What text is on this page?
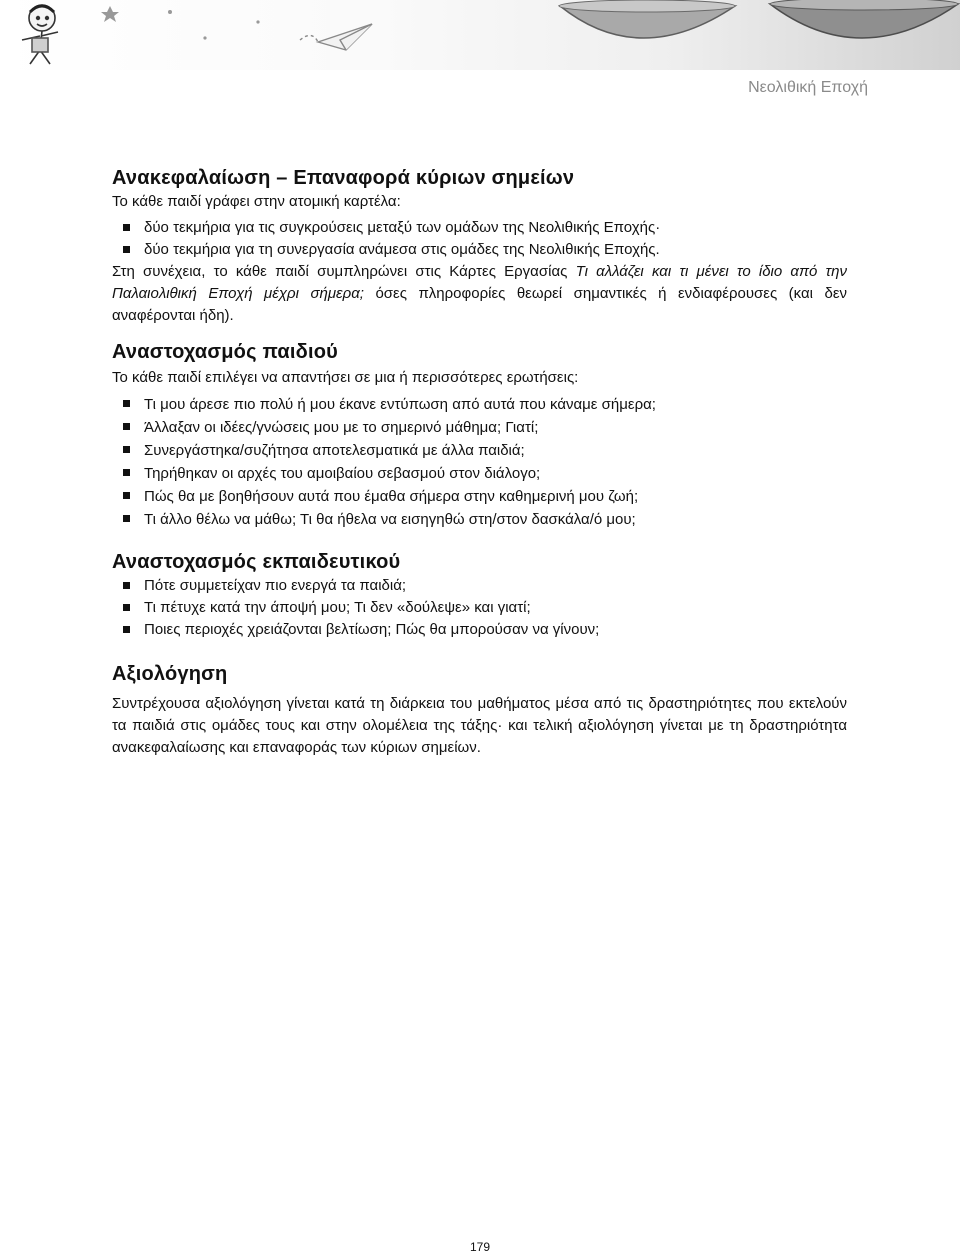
Νεολιθική Εποχή
Ανακεφαλαίωση – Επαναφορά κύριων σημείων

Το κάθε παιδί γράφει στην ατομική καρτέλα:

δύο τεκμήρια για τις συγκρούσεις μεταξύ των ομάδων της Νεολιθικής Εποχής·
δύο τεκμήρια για τη συνεργασία ανάμεσα στις ομάδες της Νεολιθικής Εποχής.

Στη συνέχεια, το κάθε παιδί συμπληρώνει στις Κάρτες Εργασίας Τι αλλάζει και τι μένει το ίδιο από την Παλαιολιθική Εποχή μέχρι σήμερα; όσες πληροφορίες θεωρεί σημαντικές ή ενδιαφέρουσες (και δεν αναφέρονται ήδη).

Αναστοχασμός παιδιού

Το κάθε παιδί επιλέγει να απαντήσει σε μια ή περισσότερες ερωτήσεις:

Τι μου άρεσε πιο πολύ ή μου έκανε εντύπωση από αυτά που κάναμε σήμερα;
Άλλαξαν οι ιδέες/γνώσεις μου με το σημερινό μάθημα; Γιατί;
Συνεργάστηκα/συζήτησα αποτελεσματικά με άλλα παιδιά;
Τηρήθηκαν οι αρχές του αμοιβαίου σεβασμού στον διάλογο;
Πώς θα με βοηθήσουν αυτά που έμαθα σήμερα στην καθημερινή μου ζωή;
Τι άλλο θέλω να μάθω; Τι θα ήθελα να εισηγηθώ στη/στον δασκάλα/ό μου;
Αναστοχασμός εκπαιδευτικού
Πότε συμμετείχαν πιο ενεργά τα παιδιά;
Τι πέτυχε κατά την άποψή μου; Τι δεν «δούλεψε» και γιατί;
Ποιες περιοχές χρειάζονται βελτίωση; Πώς θα μπορούσαν να γίνουν;
Αξιολόγηση

Συντρέχουσα αξιολόγηση γίνεται κατά τη διάρκεια του μαθήματος μέσα από τις δραστηριότητες που εκτελούν τα παιδιά στις ομάδες τους και στην ολομέλεια της τάξης· και τελική αξιολόγηση γίνεται με τη δραστηριότητα ανακεφαλαίωσης και επαναφοράς των κύριων σημείων.

179
